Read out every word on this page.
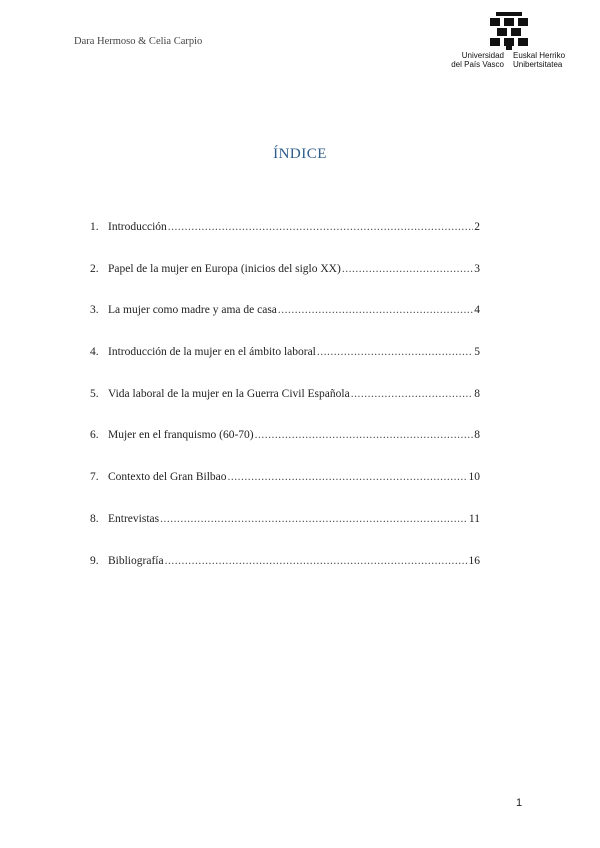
Dara Hermoso & Celia Carpio
Universidad
del País Vasco
Euskal Herriko
Unibertsitatea
ÍNDICE
1. Introducción .....	2
2. Papel de la mujer en Europa (inicios del siglo XX) .....	3
3. La mujer como madre y ama de casa .....	4
4. Introducción de la mujer en el ámbito laboral .....	5
5. Vida laboral de la mujer en la Guerra Civil Española .....	8
6. Mujer en el franquismo (60-70) .....	8
7. Contexto del Gran Bilbao .....	10
8. Entrevistas .....	11
9. Bibliografía .....	16
1
